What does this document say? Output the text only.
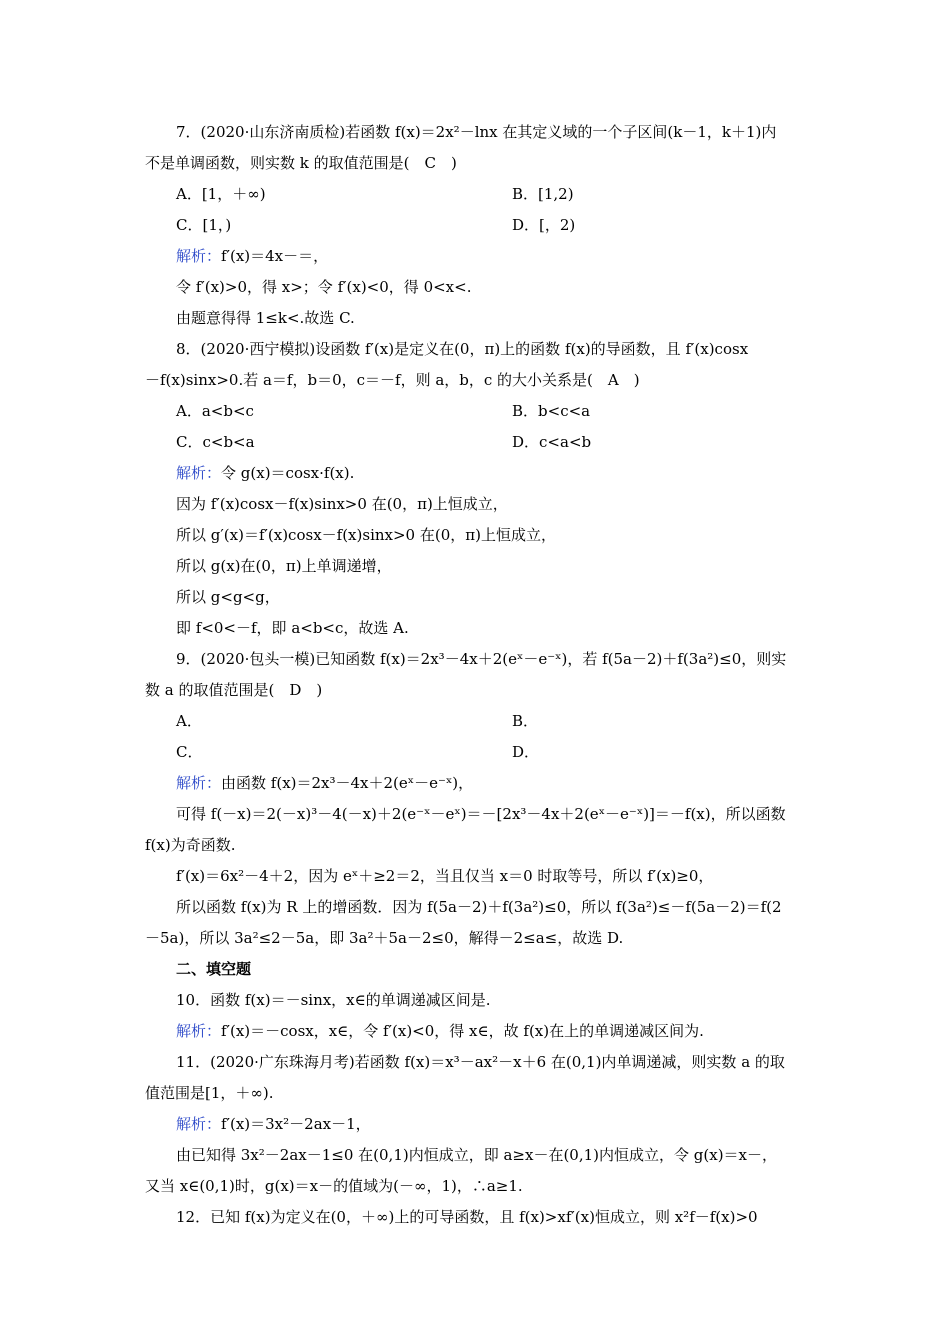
7．(2020·山东济南质检)若函数 f(x)＝2x²－lnx 在其定义域的一个子区间(k－1，k＋1)内
不是单调函数，则实数 k 的取值范围是(　C　)
A．[1，＋∞)	B．[1,2)
C．[1，)	D．[，2)
解析：f′(x)＝4x－＝，
令 f′(x)>0，得 x>；令 f′(x)<0，得 0<x<.
由题意得得 1≤k<.故选 C.
8．(2020·西宁模拟)设函数 f′(x)是定义在(0，π)上的函数 f(x)的导函数，且 f′(x)cosx
－f(x)sinx>0.若 a＝f，b＝0，c＝－f，则 a，b，c 的大小关系是(　A　)
A．a<b<c	B．b<c<a
C．c<b<a	D．c<a<b
解析：令 g(x)＝cosx·f(x).
因为 f′(x)cosx－f(x)sinx>0 在(0，π)上恒成立，
所以 g′(x)＝f′(x)cosx－f(x)sinx>0 在(0，π)上恒成立，
所以 g(x)在(0，π)上单调递增，
所以 g<g<g，
即 f<0<－f，即 a<b<c，故选 A.
9．(2020·包头一模)已知函数 f(x)＝2x³－4x＋2(eˣ－e⁻ˣ)，若 f(5a－2)＋f(3a²)≤0，则实
数 a 的取值范围是(　D　)
A．	B．
C．	D．
解析：由函数 f(x)＝2x³－4x＋2(eˣ－e⁻ˣ)，
可得 f(－x)＝2(－x)³－4(－x)＋2(e⁻ˣ－eˣ)＝－[2x³－4x＋2(eˣ－e⁻ˣ)]＝－f(x)，所以函数
f(x)为奇函数.
f′(x)＝6x²－4＋2，因为 eˣ＋≥2＝2，当且仅当 x＝0 时取等号，所以 f′(x)≥0，
所以函数 f(x)为 R 上的增函数．因为 f(5a－2)＋f(3a²)≤0，所以 f(3a²)≤－f(5a－2)＝f(2
－5a)，所以 3a²≤2－5a，即 3a²＋5a－2≤0，解得－2≤a≤，故选 D.
二、填空题
10．函数 f(x)＝－sinx，x∈的单调递减区间是.
解析：f′(x)＝－cosx，x∈，令 f′(x)<0，得 x∈，故 f(x)在上的单调递减区间为.
11．(2020·广东珠海月考)若函数 f(x)＝x³－ax²－x＋6 在(0,1)内单调递减，则实数 a 的取
值范围是[1，＋∞).
解析：f′(x)＝3x²－2ax－1，
由已知得 3x²－2ax－1≤0 在(0,1)内恒成立，即 a≥x－在(0,1)内恒成立，令 g(x)＝x－，
又当 x∈(0,1)时，g(x)＝x－的值域为(－∞，1)，∴a≥1.
12．已知 f(x)为定义在(0，＋∞)上的可导函数，且 f(x)>xf′(x)恒成立，则 x²f－f(x)>0
